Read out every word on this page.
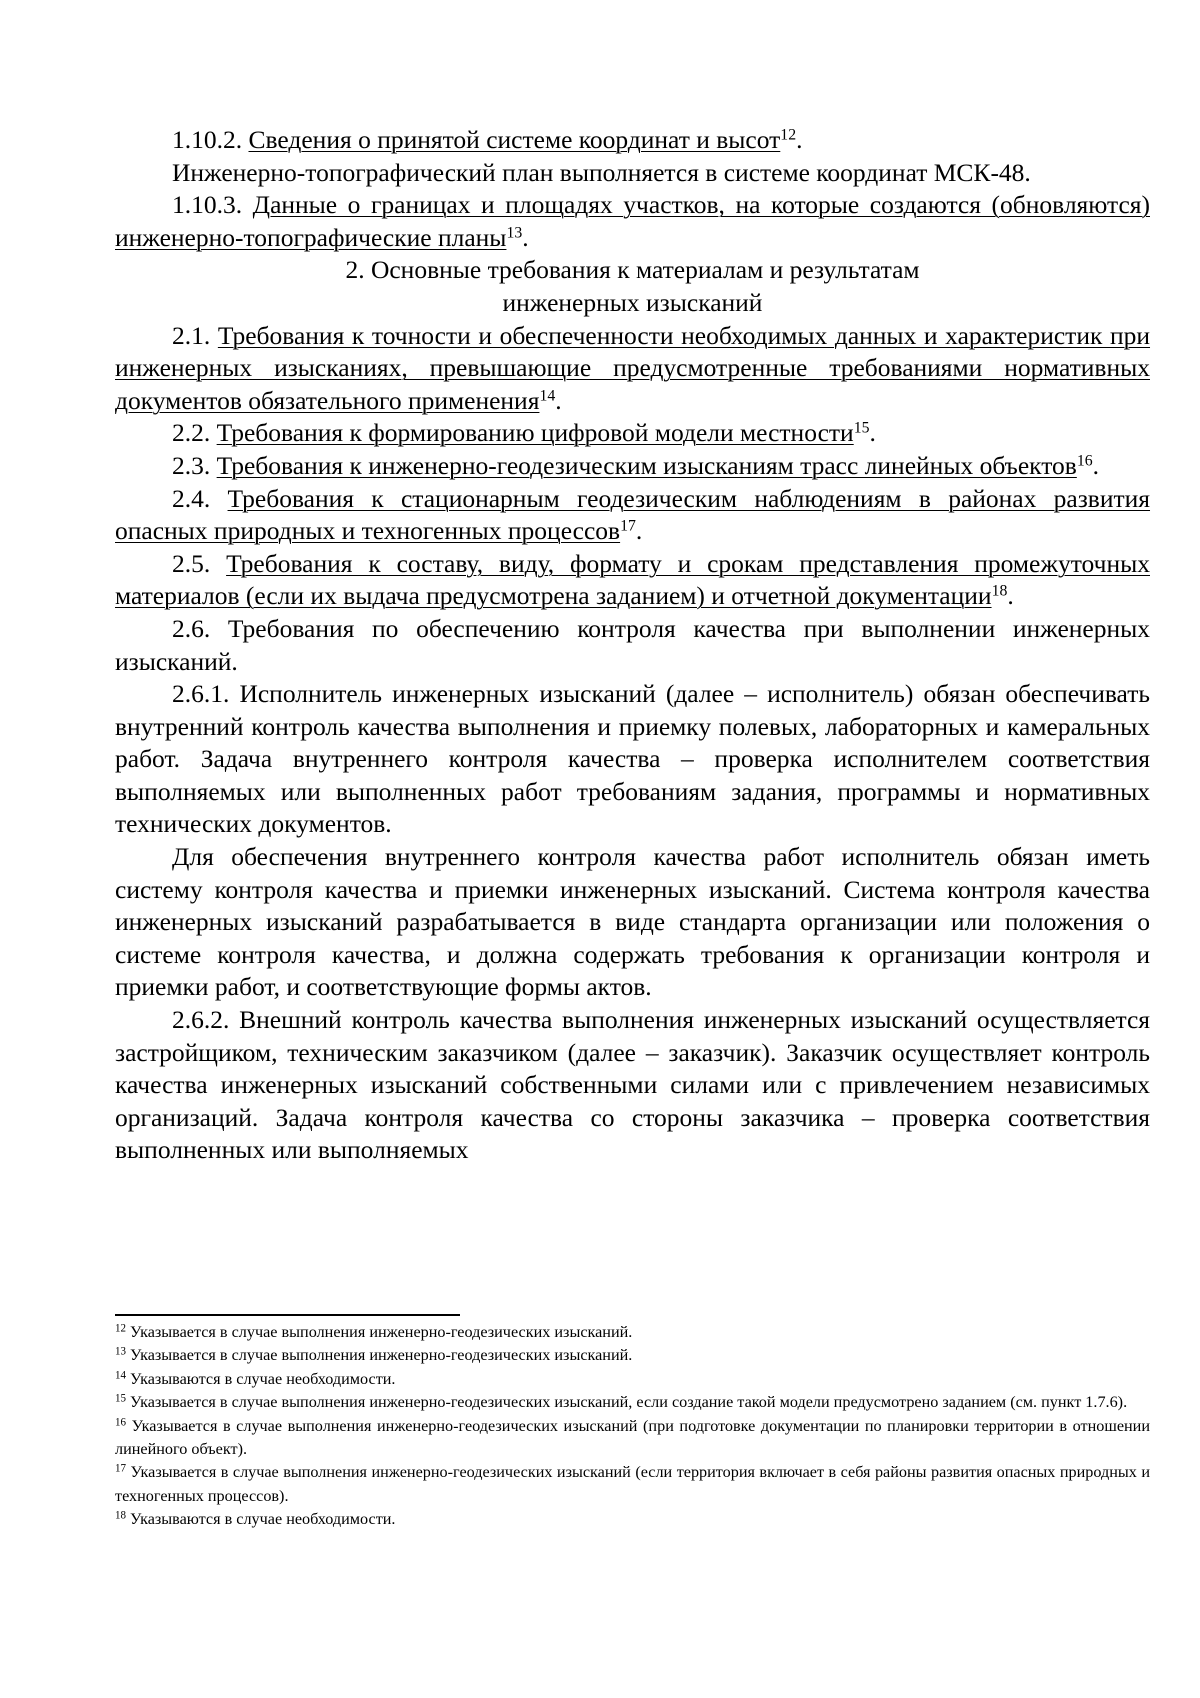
1.10.2. Сведения о принятой системе координат и высот$^{12}$.

Инженерно-топографический план выполняется в системе координат МСК-48.

1.10.3. Данные о границах и площадях участков, на которые создаются (обновляются) инженерно-топографические планы$^{13}$.

2. Основные требования к материалам и результатам
инженерных изысканий

2.1. Требования к точности и обеспеченности необходимых данных и характеристик при инженерных изысканиях, превышающие предусмотренные требованиями нормативных документов обязательного применения$^{14}$.

2.2. Требования к формированию цифровой модели местности$^{15}$.

2.3. Требования к инженерно-геодезическим изысканиям трасс линейных объектов$^{16}$.

2.4. Требования к стационарным геодезическим наблюдениям в районах развития опасных природных и техногенных процессов$^{17}$.

2.5. Требования к составу, виду, формату и срокам представления промежуточных материалов (если их выдача предусмотрена заданием) и отчетной документации$^{18}$.

2.6. Требования по обеспечению контроля качества при выполнении инженерных изысканий.

2.6.1. Исполнитель инженерных изысканий (далее – исполнитель) обязан обеспечивать внутренний контроль качества выполнения и приемку полевых, лабораторных и камеральных работ. Задача внутреннего контроля качества – проверка исполнителем соответствия выполняемых или выполненных работ требованиям задания, программы и нормативных технических документов.

Для обеспечения внутреннего контроля качества работ исполнитель обязан иметь систему контроля качества и приемки инженерных изысканий. Система контроля качества инженерных изысканий разрабатывается в виде стандарта организации или положения о системе контроля качества, и должна содержать требования к организации контроля и приемки работ, и соответствующие формы актов.

2.6.2. Внешний контроль качества выполнения инженерных изысканий осуществляется застройщиком, техническим заказчиком (далее – заказчик). Заказчик осуществляет контроль качества инженерных изысканий собственными силами или с привлечением независимых организаций. Задача контроля качества со стороны заказчика – проверка соответствия выполненных или выполняемых

$^{12}$ Указывается в случае выполнения инженерно-геодезических изысканий.

$^{13}$ Указывается в случае выполнения инженерно-геодезических изысканий.

$^{14}$ Указываются в случае необходимости.

$^{15}$ Указывается в случае выполнения инженерно-геодезических изысканий, если создание такой модели предусмотрено заданием (см. пункт 1.7.6).

$^{16}$ Указывается в случае выполнения инженерно-геодезических изысканий (при подготовке документации по планировки территории в отношении линейного объект).

$^{17}$ Указывается в случае выполнения инженерно-геодезических изысканий (если территория включает в себя районы развития опасных природных и техногенных процессов).

$^{18}$ Указываются в случае необходимости.
